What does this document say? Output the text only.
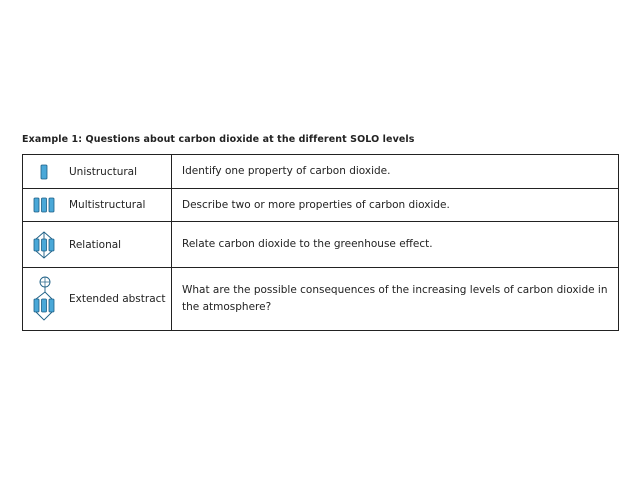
Example 1: Questions about carbon dioxide at the different SOLO levels
Unistructural	Identify one property of carbon dioxide.

Multistructural	Describe two or more properties of carbon dioxide.

Relational	Relate carbon dioxide to the greenhouse effect.

Extended abstract	What are the possible consequences of the increasing levels of carbon dioxide in the atmosphere?
